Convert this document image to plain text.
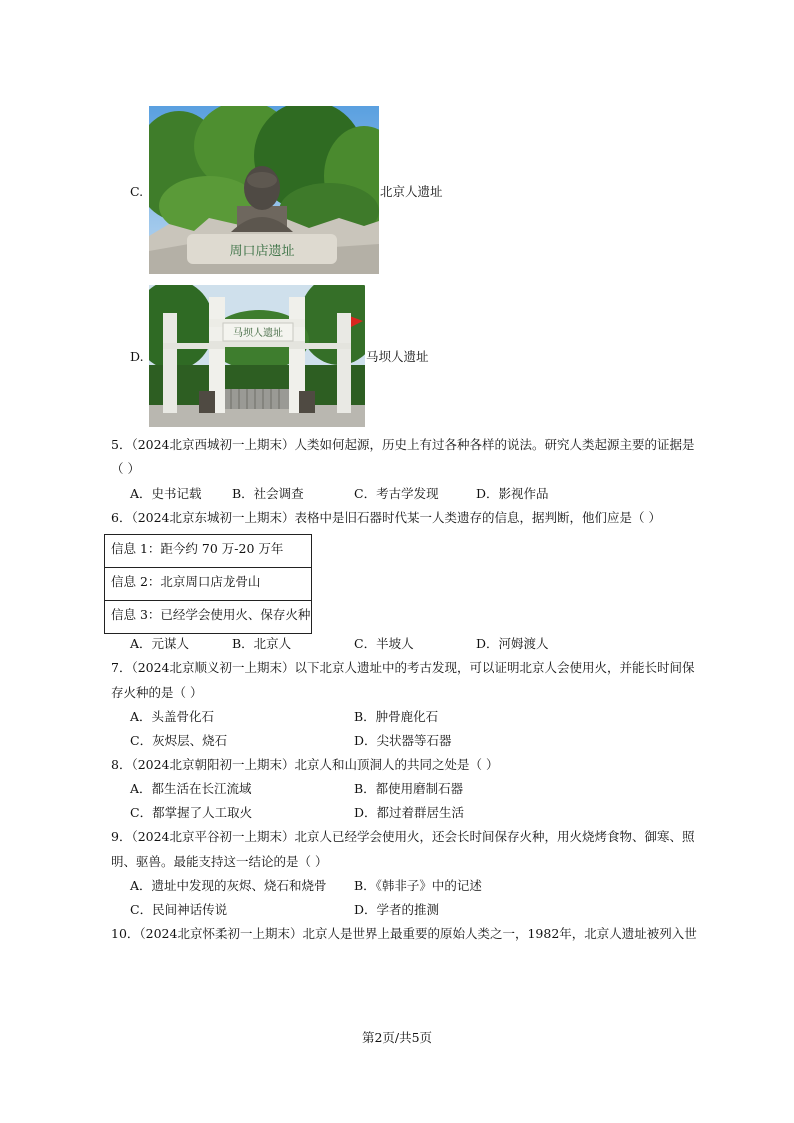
C.
周口店遗址
北京人遗址
D.
马坝人遗址
马坝人遗址
5．（2024北京西城初一上期末）人类如何起源，历史上有过各种各样的说法。研究人类起源主要的证据是
（ ）
A．史书记载 B．社会调查	C．考古学发现	D．影视作品
6．（2024北京东城初一上期末）表格中是旧石器时代某一人类遗存的信息，据判断，他们应是（ ）
信息 1：距今约 70 万-20 万年
信息 2：北京周口店龙骨山
信息 3：已经学会使用火、保存火种
A．元谋人	B．北京人	C．半坡人	D．河姆渡人
7．（2024北京顺义初一上期末）以下北京人遗址中的考古发现，可以证明北京人会使用火，并能长时间保
存火种的是（ ）
A．头盖骨化石	B．肿骨鹿化石
C．灰烬层、烧石	D．尖状器等石器
8．（2024北京朝阳初一上期末）北京人和山顶洞人的共同之处是（ ）
A．都生活在长江流域	B．都使用磨制石器
C．都掌握了人工取火	D．都过着群居生活
9．（2024北京平谷初一上期末）北京人已经学会使用火，还会长时间保存火种，用火烧烤食物、御寒、照
明、驱兽。最能支持这一结论的是（ ）
A．遗址中发现的灰烬、烧石和烧骨 B．《韩非子》中的记述
C．民间神话传说	D．学者的推测
10．（2024北京怀柔初一上期末）北京人是世界上最重要的原始人类之一，1982年，北京人遗址被列入世
第2页/共5页
